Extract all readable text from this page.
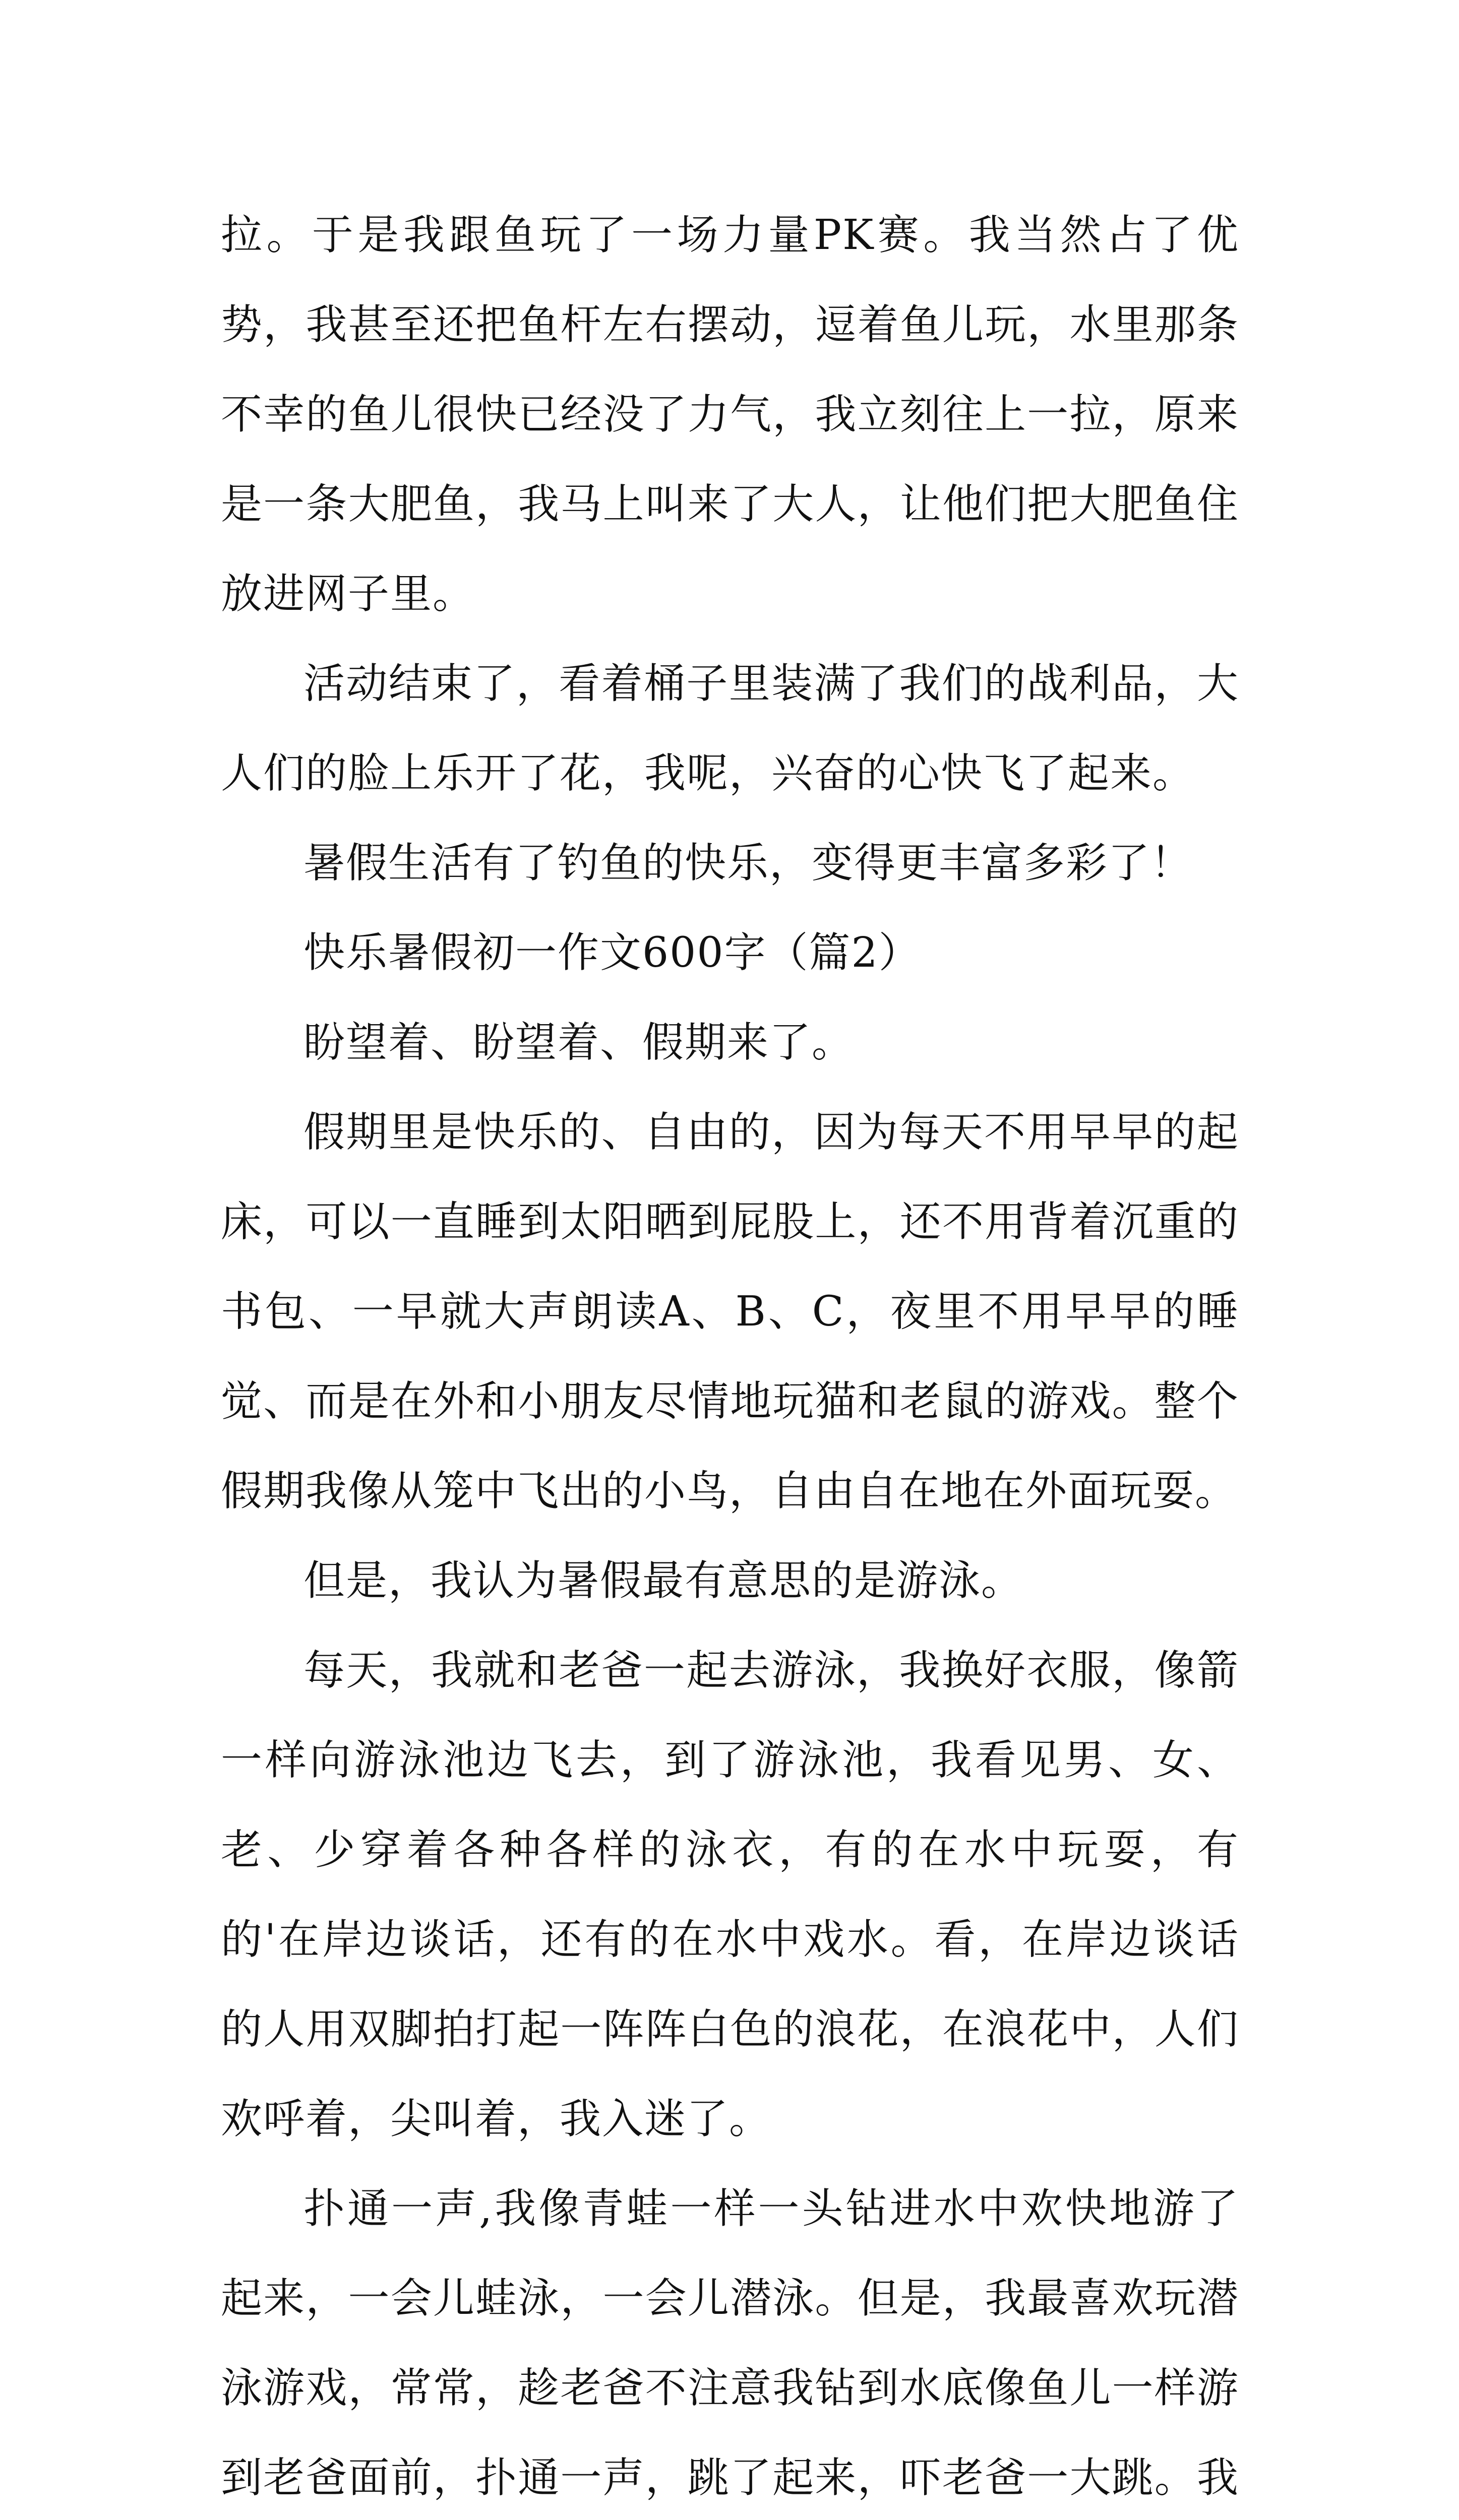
拉。于是我跟鱼玩了一场力量PK赛。我当然占了优势，我甚至还把鱼杆左右摆动，逗着鱼儿玩，水里那条不幸的鱼儿很快已经没了力气，我立刻往上一拉，原来是一条大肥鱼，我马上叫来了大人，让他们把大肥鱼住放进网子里。

活动结束了，看着桶子里装满了我们的战利品，大人们的脸上乐开了花，我呢，兴奋的心快飞了起来。

暑假生活有了钓鱼的快乐，变得更丰富多彩了！

快乐暑假初一作文600字（篇2）

盼望着、盼望着、假期来了。

假期里是快乐的、自由的，因为每天不用早早的起床，可以一直睡到太阳晒到屁股上，还不用背着沉重的书包、一早就大声朗读A、B、C，夜里不用早早的睡觉、而是在外和小朋友尽情地玩猫和老鼠的游戏。整个假期我像从笼中飞出的小鸟，自由自在地在外面玩耍。

但是，我认为暑假最有意思的是游泳。

每天，我就和老爸一起去游泳，我换好衣服，像箭一样向游泳池边飞去，到了游泳池，我看见男、女、老、少穿着各种各样的泳衣，有的在水中玩耍，有的'在岸边谈话，还有的在水中戏水。看，在岸边谈话的人用双脚拍打起一阵阵白色的浪花，在浪花中，人们欢呼着，尖叫着，我入迷了。

扑通一声,我像青蛙一样一头钻进水中欢快地游了起来，一会儿蛙泳，一会儿潜泳。但是，我最喜欢玩潜泳游戏，常常，趁老爸不注意我钻到水底像鱼儿一样游到老爸面前，扑通一声，跳了起来，吓老爸一大跳。我
